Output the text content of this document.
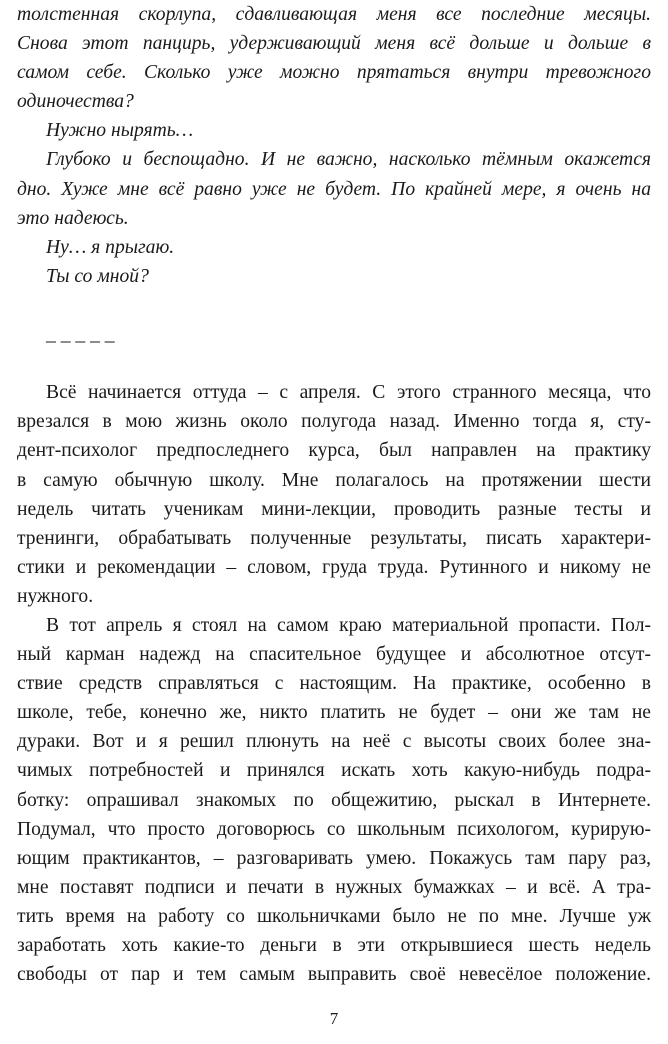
толстенная скорлупа, сдавливающая меня все последние месяцы.
Снова этот панцирь, удерживающий меня всё дольше и дольше в
самом себе. Сколько уже можно прятаться внутри тревожного
одиночества?
Нужно нырять…
Глубоко и беспощадно. И не важно, насколько тёмным окажется
дно. Хуже мне всё равно уже не будет. По крайней мере, я очень на
это надеюсь.
Ну… я прыгаю.
Ты со мной?
_ _ _ _ _
Всё начинается оттуда – с апреля. С этого странного месяца, что
врезался в мою жизнь около полугода назад. Именно тогда я, сту-
дент-психолог предпоследнего курса, был направлен на практику
в самую обычную школу. Мне полагалось на протяжении шести
недель читать ученикам мини-лекции, проводить разные тесты и
тренинги, обрабатывать полученные результаты, писать характери-
стики и рекомендации – словом, груда труда. Рутинного и никому не
нужного.
В тот апрель я стоял на самом краю материальной пропасти. Пол-
ный карман надежд на спасительное будущее и абсолютное отсут-
ствие средств справляться с настоящим. На практике, особенно в
школе, тебе, конечно же, никто платить не будет – они же там не
дураки. Вот и я решил плюнуть на неё с высоты своих более зна-
чимых потребностей и принялся искать хоть какую-нибудь подра-
ботку: опрашивал знакомых по общежитию, рыскал в Интернете.
Подумал, что просто договорюсь со школьным психологом, курирую-
ющим практикантов, – разговаривать умею. Покажусь там пару раз,
мне поставят подписи и печати в нужных бумажках – и всё. А тра-
тить время на работу со школьничками было не по мне. Лучше уж
заработать хоть какие-то деньги в эти открывшиеся шесть недель
свободы от пар и тем самым выправить своё невесёлое положение.
7
